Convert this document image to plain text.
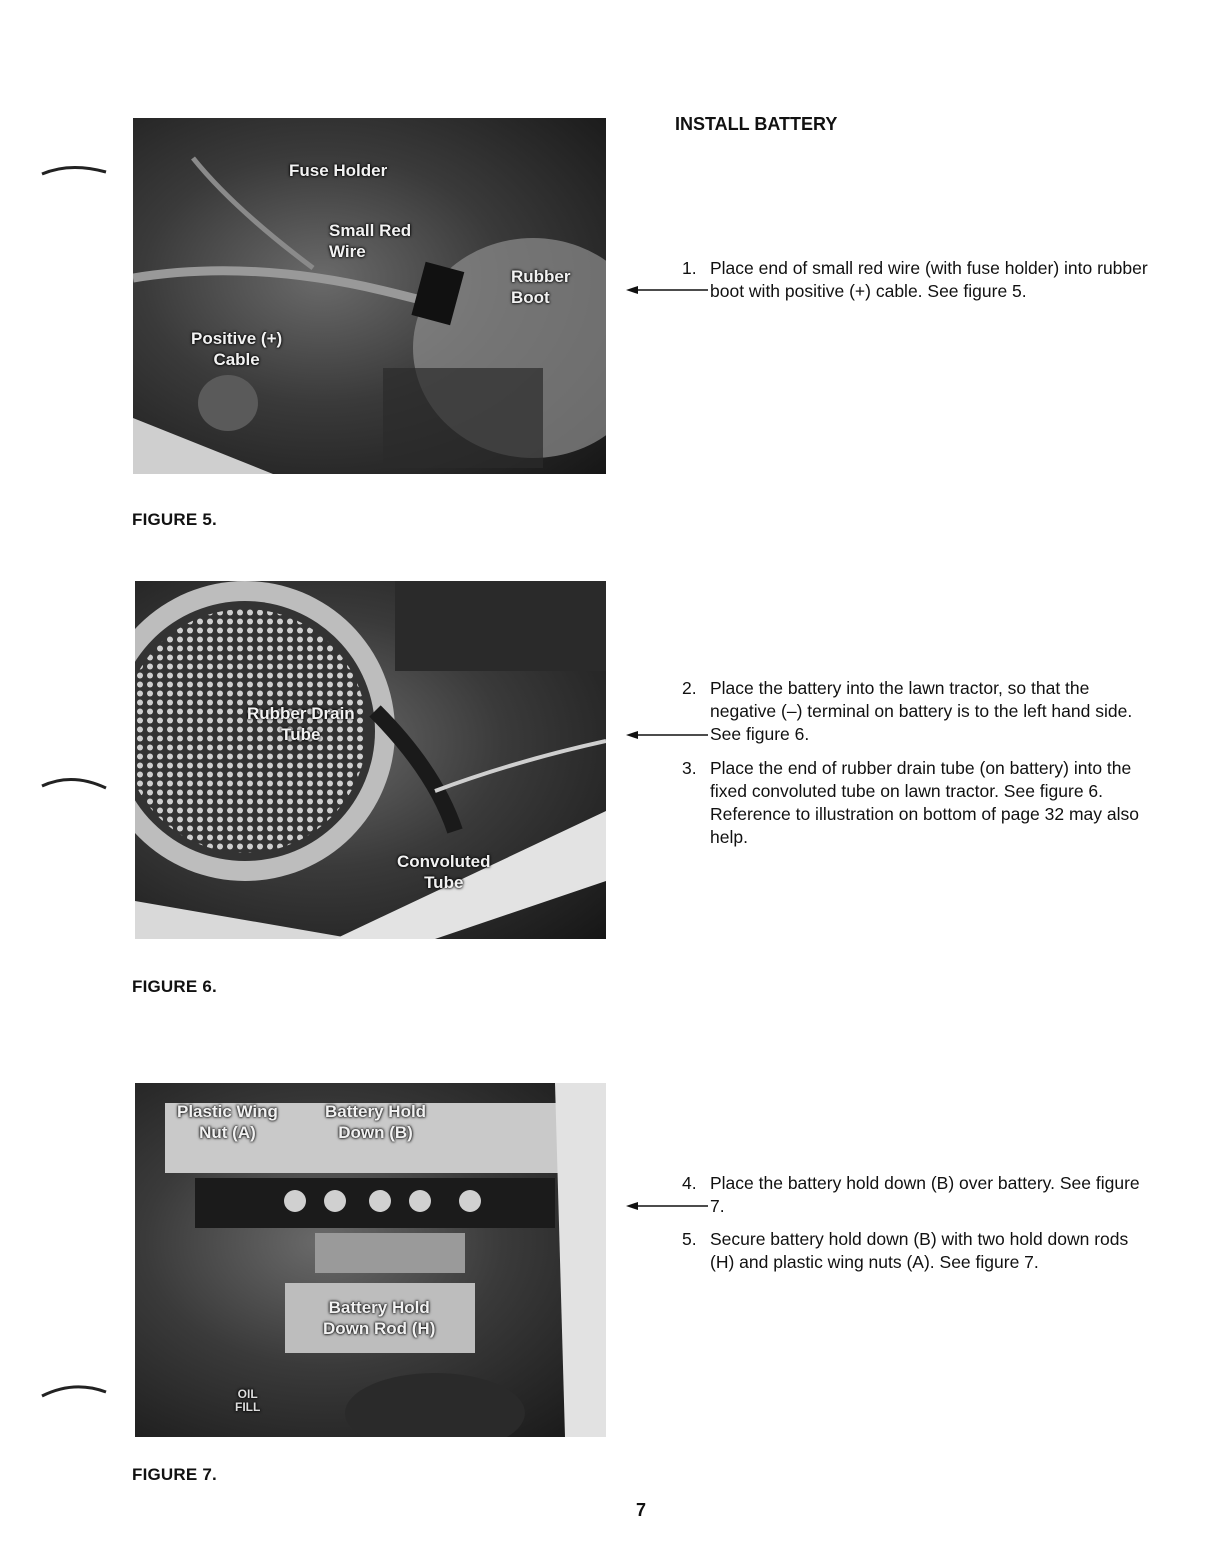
Fuse Holder
Small Red
Wire
Rubber
Boot
Positive (+)
Cable
FIGURE 5.
Rubber Drain
Tube
Convoluted
Tube
FIGURE 6.
Plastic Wing
Nut (A)
Battery Hold
Down (B)
Battery Hold
Down Rod (H)
OIL
FILL
FIGURE 7.
INSTALL BATTERY
1. Place end of small red wire (with fuse holder) into rubber boot with positive (+) cable. See figure 5.
2. Place the battery into the lawn tractor, so that the negative (–) terminal on battery is to the left hand side. See figure 6.
3. Place the end of rubber drain tube (on battery) into the fixed convoluted tube on lawn tractor. See figure 6. Reference to illustration on bottom of page 32 may also help.
4. Place the battery hold down (B) over battery. See figure 7.
5. Secure battery hold down (B) with two hold down rods (H) and plastic wing nuts (A). See figure 7.
7
